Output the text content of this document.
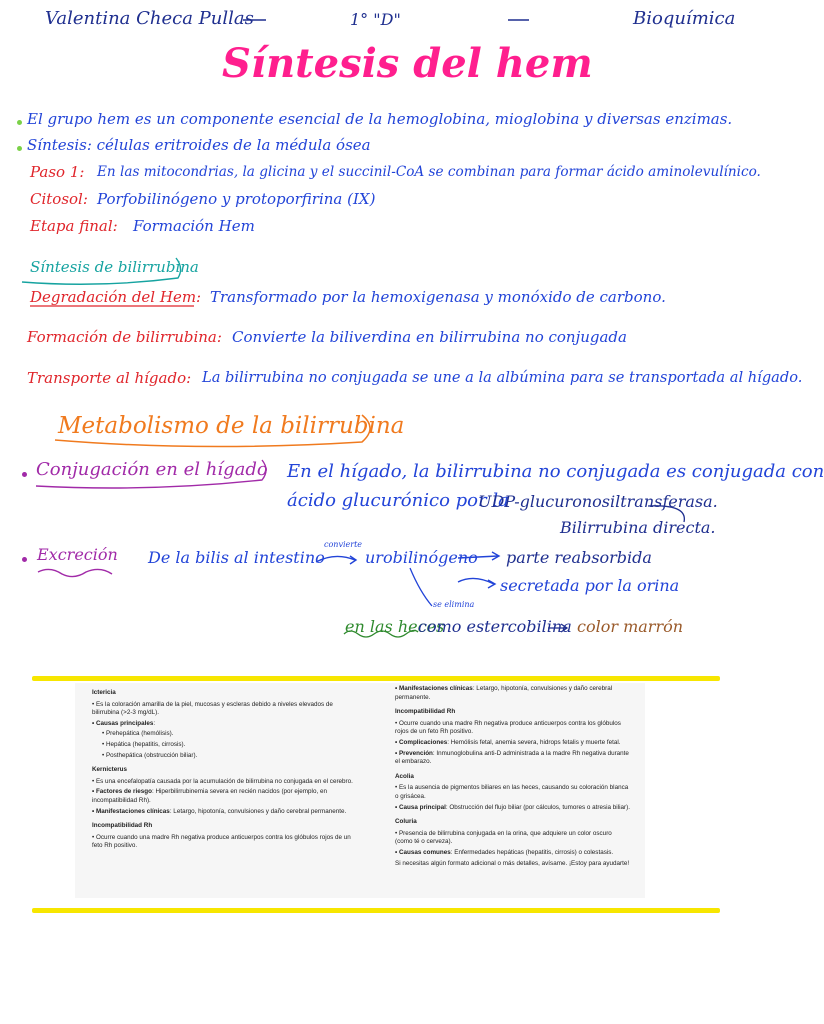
Valentina Checa Pullas	1° "D"	Bioquímica
Síntesis del hem
El grupo hem es un componente esencial de la hemoglobina, mioglobina y diversas enzimas.
Síntesis: células eritroides de la médula ósea
Paso 1: En las mitocondrias, la glicina y el succinil-CoA se combinan para formar ácido aminolevulínico.
Citosol: Porfobilinógeno y protoporfirina (IX)
Etapa final: Formación Hem
Síntesis de bilirrubina
Degradación del Hem: Transformado por la hemoxigenasa y monóxido de carbono.
Formación de bilirrubina: Convierte la biliverdina en bilirrubina no conjugada
Transporte al hígado: La bilirrubina no conjugada se une a la albúmina para se transportada al hígado.
Metabolismo de la bilirrubina
Conjugación en el hígado En el hígado, la bilirrubina no conjugada es conjugada con
ácido glucurónico por la
UDP-glucuronosiltransferasa.
Bilirrubina directa.
Excreción De la bilis al intestino
convierte
urobilinógeno parte reabsorbida
secretada por la orina
se elimina
en las heces
como estercobilina color marrón
Ictericia
• Es la coloración amarilla de la piel, mucosas y escleras debido a niveles elevados de bilirrubina (>2-3 mg/dL).
• Causas principales:
• Prehepática (hemólisis).
• Hepática (hepatitis, cirrosis).
• Posthepática (obstrucción biliar).
Kernicterus
• Es una encefalopatía causada por la acumulación de bilirrubina no conjugada en el cerebro.
• Factores de riesgo: Hiperbilirrubinemia severa en recién nacidos (por ejemplo, en incompatibilidad Rh).
• Manifestaciones clínicas: Letargo, hipotonía, convulsiones y daño cerebral permanente.
Incompatibilidad Rh
• Ocurre cuando una madre Rh negativa produce anticuerpos contra los glóbulos rojos de un feto Rh positivo.
• Manifestaciones clínicas: Letargo, hipotonía, convulsiones y daño cerebral permanente.
Incompatibilidad Rh
• Ocurre cuando una madre Rh negativa produce anticuerpos contra los glóbulos rojos de un feto Rh positivo.
• Complicaciones: Hemólisis fetal, anemia severa, hidrops fetalis y muerte fetal.
• Prevención: Inmunoglobulina anti-D administrada a la madre Rh negativa durante el embarazo.
Acolia
• Es la ausencia de pigmentos biliares en las heces, causando su coloración blanca o grisácea.
• Causa principal: Obstrucción del flujo biliar (por cálculos, tumores o atresia biliar).
Coluria
• Presencia de bilirrubina conjugada en la orina, que adquiere un color oscuro (como té o cerveza).
• Causas comunes: Enfermedades hepáticas (hepatitis, cirrosis) o colestasis.
Si necesitas algún formato adicional o más detalles, avísame. ¡Estoy para ayudarte!
